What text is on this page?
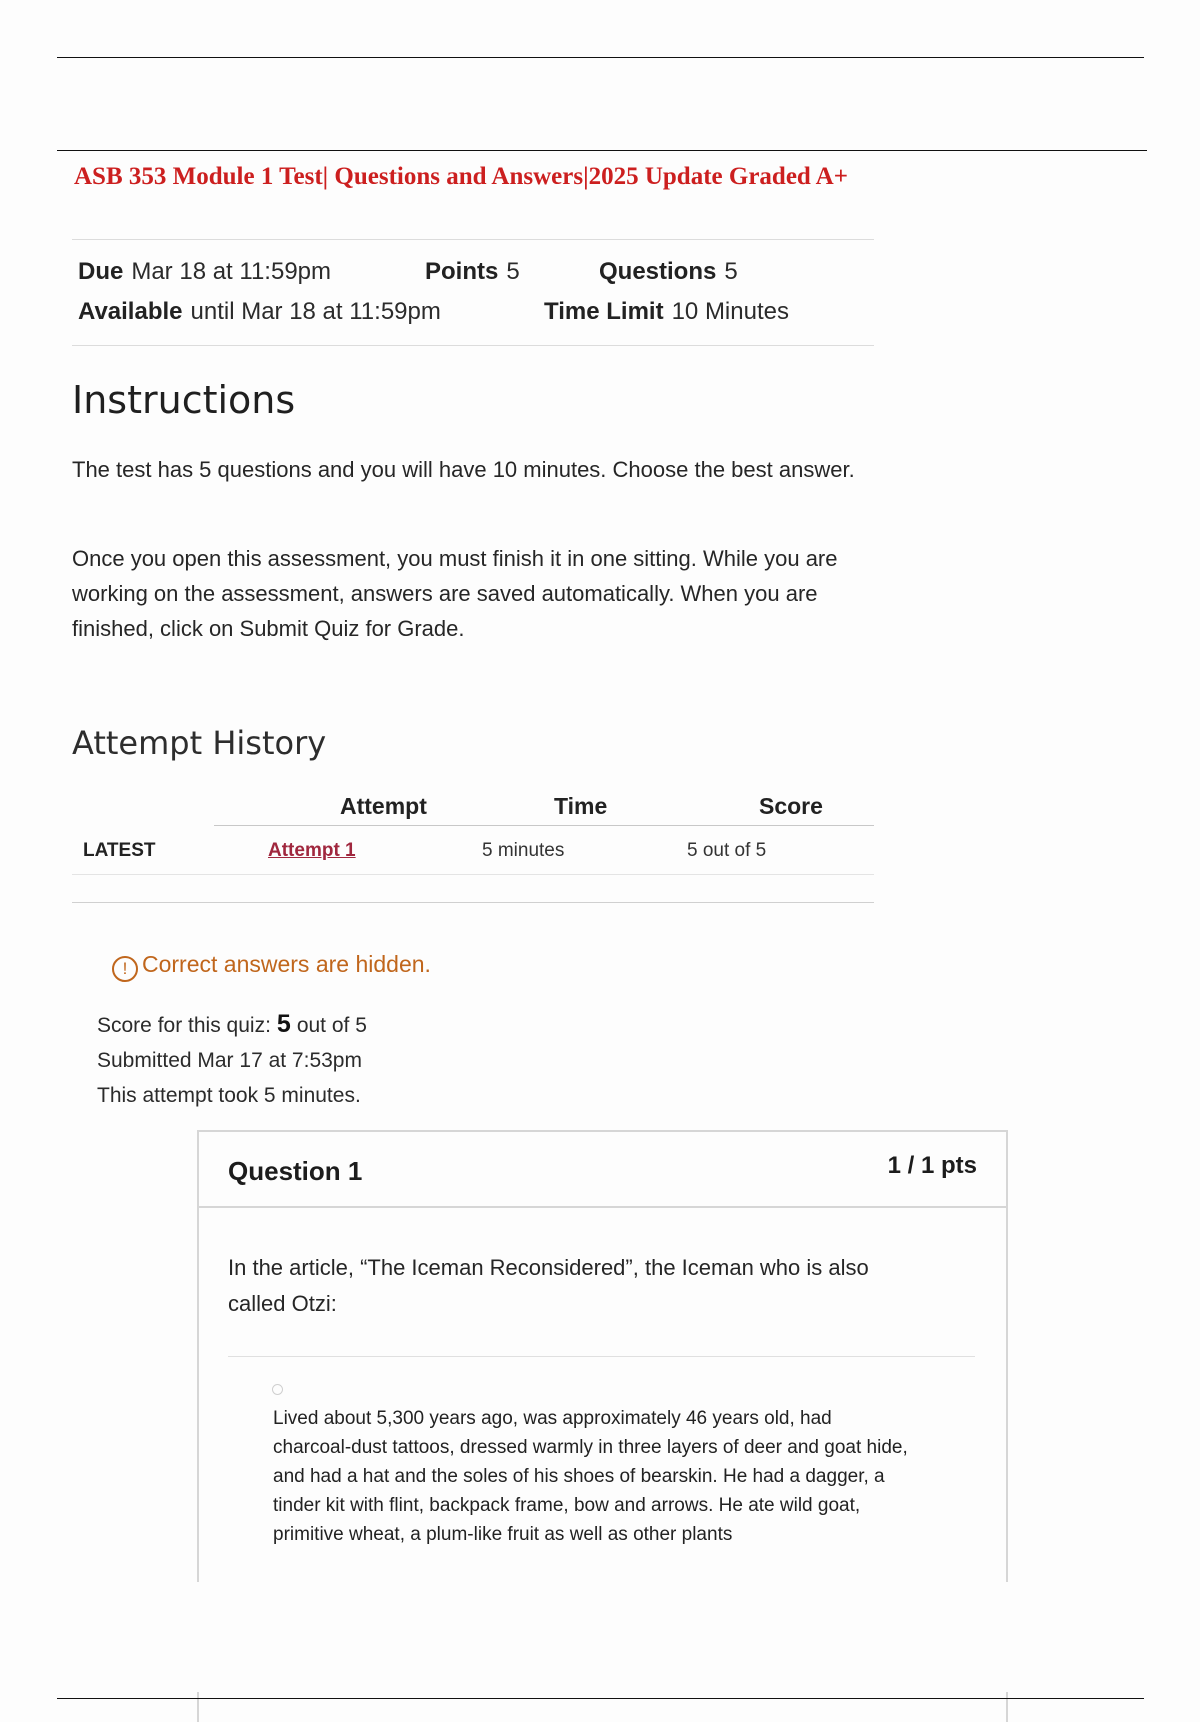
ASB 353 Module 1 Test| Questions and Answers|2025 Update Graded A+
Due Mar 18 at 11:59pm	Points 5	Questions 5
Available until Mar 18 at 11:59pm	Time Limit 10 Minutes
Instructions

The test has 5 questions and you will have 10 minutes. Choose the best answer.

Once you open this assessment, you must finish it in one sitting. While you are working on the assessment, answers are saved automatically. When you are finished, click on Submit Quiz for Grade.

Attempt History
Attempt	Time	Score
LATEST	Attempt 1	5 minutes	5 out of 5
! Correct answers are hidden.
Score for this quiz: 5 out of 5
Submitted Mar 17 at 7:53pm
This attempt took 5 minutes.
Question 1	1 / 1 pts

In the article, “The Iceman Reconsidered”, the Iceman who is also called Otzi:

Lived about 5,300 years ago, was approximately 46 years old, had charcoal-dust tattoos, dressed warmly in three layers of deer and goat hide, and had a hat and the soles of his shoes of bearskin. He had a dagger, a tinder kit with flint, backpack frame, bow and arrows. He ate wild goat, primitive wheat, a plum-like fruit as well as other plants
